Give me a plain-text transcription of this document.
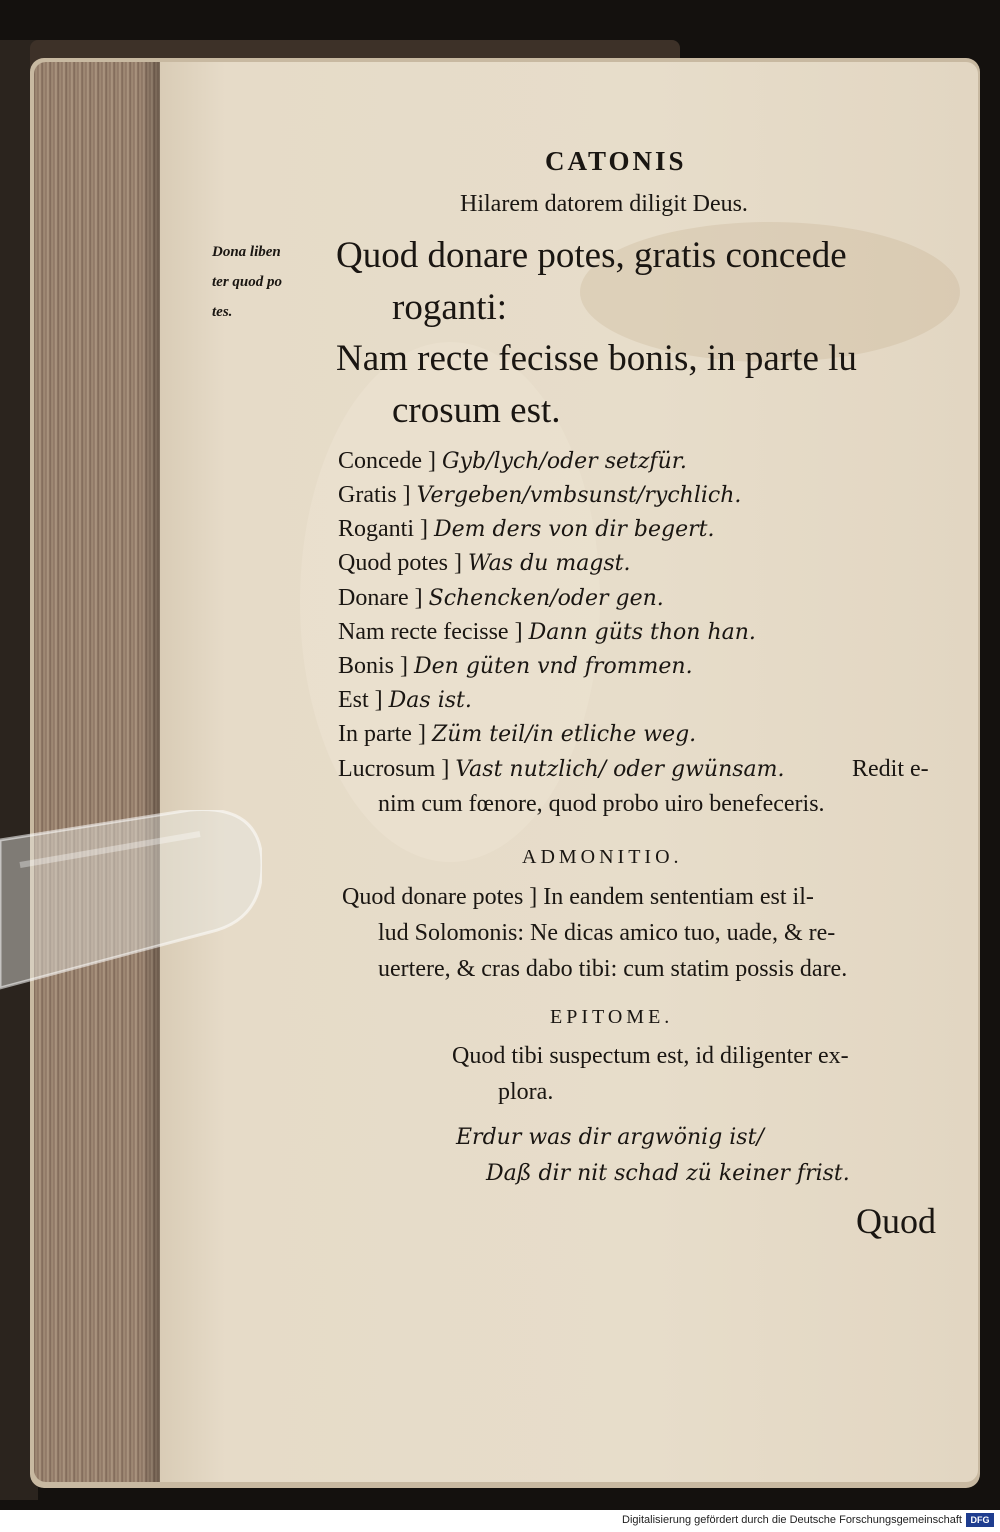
CATONIS
Hilarem datorem diligit Deus.
Dona liben
ter quod po
tes.
Quod donare potes, gratis concede
roganti:
Nam recte fecisse bonis, in parte lu
crosum est.
Concede ] Gyb/lych/oder setzfür.
Gratis ] Vergeben/vmbsunst/rychlich.
Roganti ] Dem ders von dir begert.
Quod potes ] Was du magst.
Donare ] Schencken/oder gen.
Nam recte fecisse ] Dann güts thon han.
Bonis ] Den güten vnd frommen.
Est ] Das ist.
In parte ] Züm teil/in etliche weg.
Lucrosum ] Vast nutzlich/ oder gwünsam.	Redit e-
nim cum fœnore, quod probo uiro benefeceris.
ADMONITIO.
Quod donare potes ] In eandem sententiam est il-
lud Solomonis: Ne dicas amico tuo, uade, & re-
uertere, & cras dabo tibi: cum statim possis dare.
EPITOME.
Quod tibi suspectum est, id diligenter ex-
plora.
Erdur was dir argwönig ist/
Daß dir nit schad zü keiner frist.
Quod
Digitalisierung gefördert durch die Deutsche Forschungsgemeinschaft DFG
